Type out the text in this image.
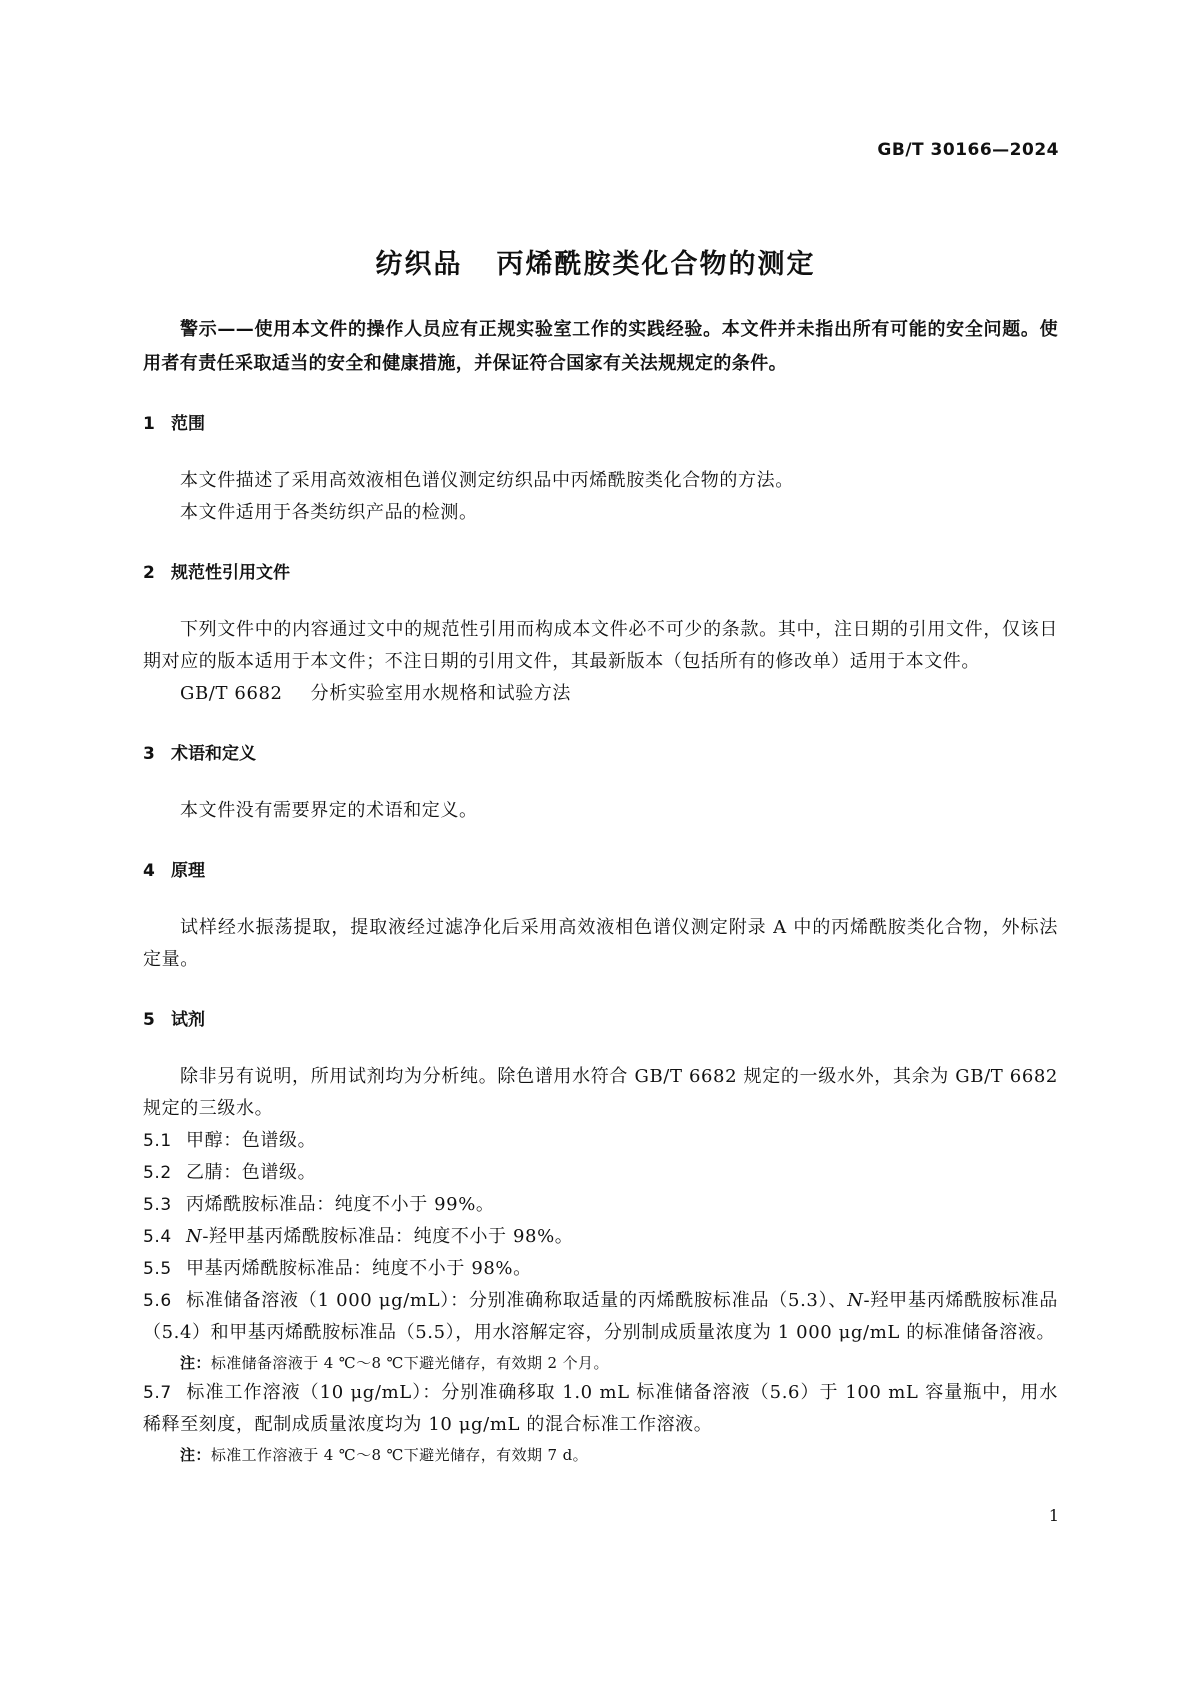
GB/T 30166—2024
纺织品 丙烯酰胺类化合物的测定

警示——使用本文件的操作人员应有正规实验室工作的实践经验。本文件并未指出所有可能的安全问题。使用者有责任采取适当的安全和健康措施，并保证符合国家有关法规规定的条件。

1 范围

本文件描述了采用高效液相色谱仪测定纺织品中丙烯酰胺类化合物的方法。

本文件适用于各类纺织产品的检测。

2 规范性引用文件

下列文件中的内容通过文中的规范性引用而构成本文件必不可少的条款。其中，注日期的引用文件，仅该日期对应的版本适用于本文件；不注日期的引用文件，其最新版本（包括所有的修改单）适用于本文件。

GB/T 6682 分析实验室用水规格和试验方法

3 术语和定义

本文件没有需要界定的术语和定义。

4 原理

试样经水振荡提取，提取液经过滤净化后采用高效液相色谱仪测定附录 A 中的丙烯酰胺类化合物，外标法定量。

5 试剂

除非另有说明，所用试剂均为分析纯。除色谱用水符合 GB/T 6682 规定的一级水外，其余为 GB/T 6682 规定的三级水。

5.1 甲醇：色谱级。

5.2 乙腈：色谱级。

5.3 丙烯酰胺标准品：纯度不小于 99%。

5.4 N-羟甲基丙烯酰胺标准品：纯度不小于 98%。

5.5 甲基丙烯酰胺标准品：纯度不小于 98%。

5.6 标准储备溶液（1 000 μg/mL）：分别准确称取适量的丙烯酰胺标准品（5.3）、N-羟甲基丙烯酰胺标准品（5.4）和甲基丙烯酰胺标准品（5.5），用水溶解定容，分别制成质量浓度为 1 000 μg/mL 的标准储备溶液。

注：标准储备溶液于 4 ℃～8 ℃下避光储存，有效期 2 个月。

5.7 标准工作溶液（10 μg/mL）：分别准确移取 1.0 mL 标准储备溶液（5.6）于 100 mL 容量瓶中，用水稀释至刻度，配制成质量浓度均为 10 μg/mL 的混合标准工作溶液。

注：标准工作溶液于 4 ℃～8 ℃下避光储存，有效期 7 d。

1
